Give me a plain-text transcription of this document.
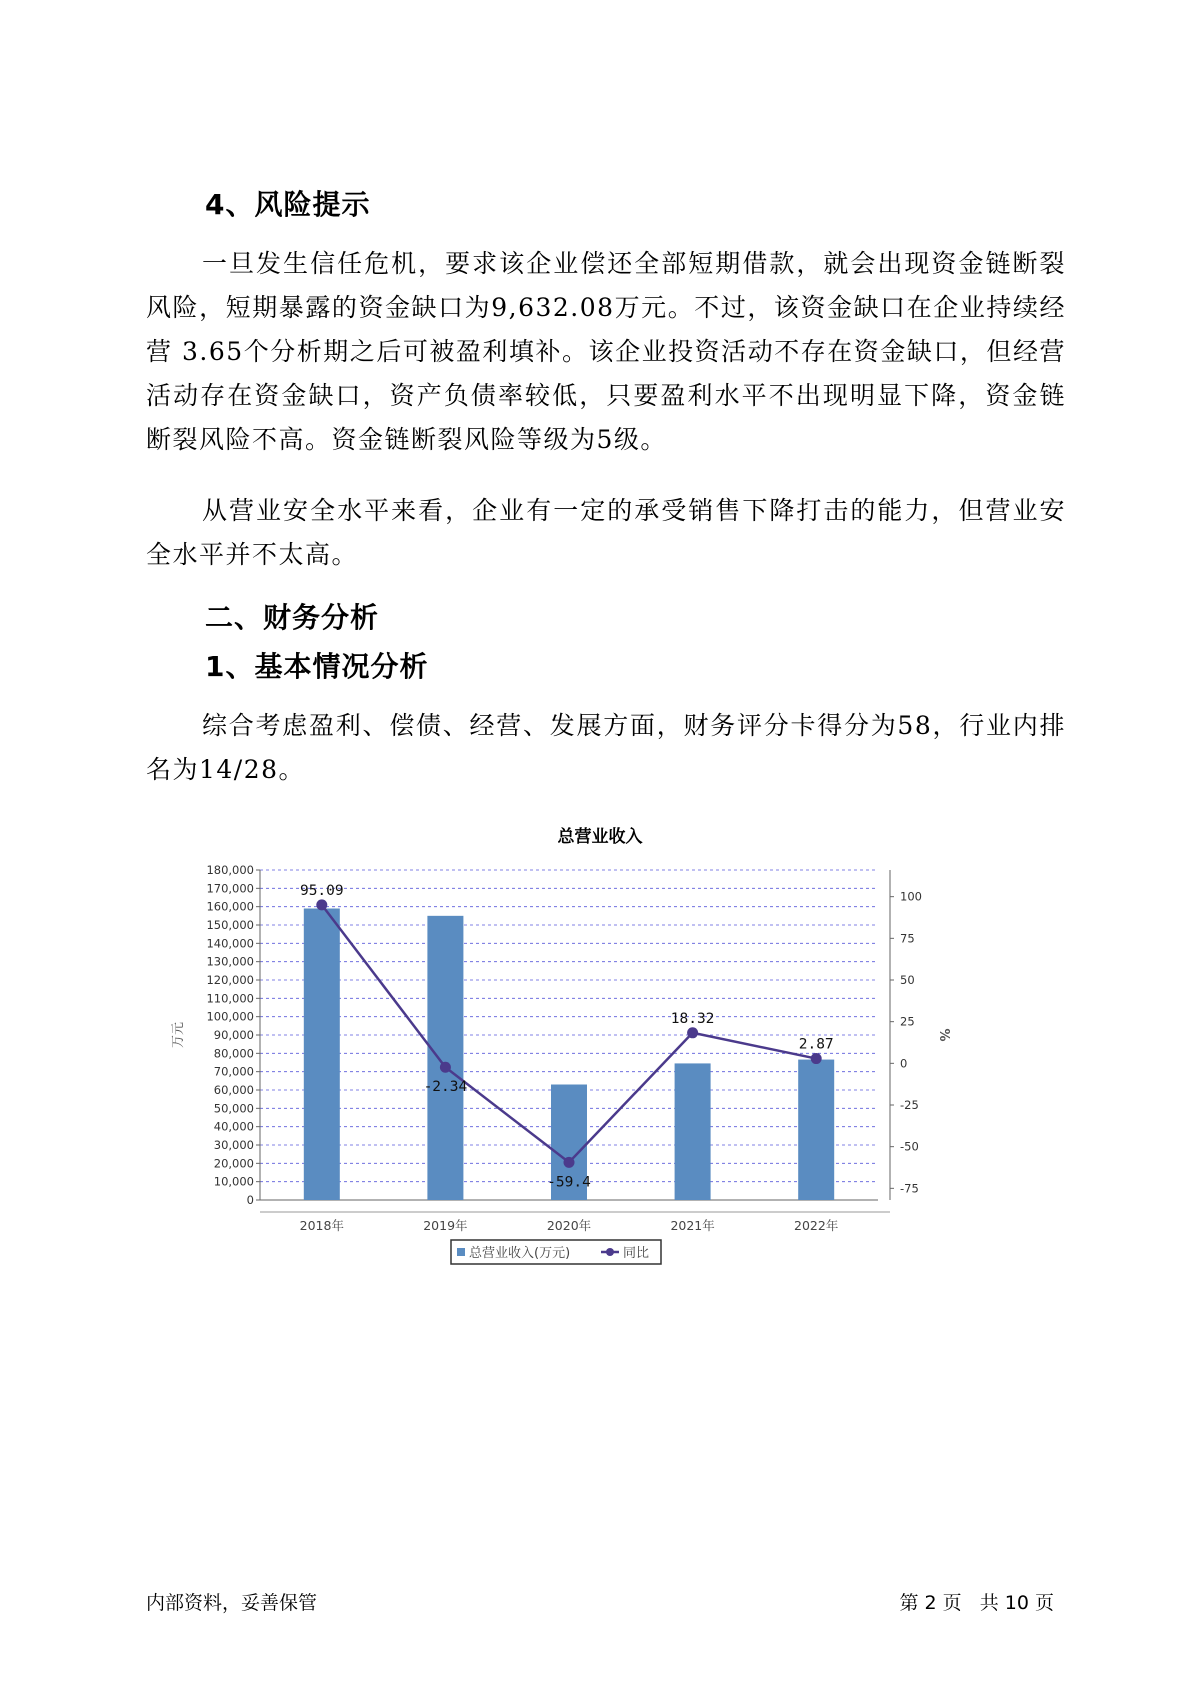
4、风险提示

一旦发生信任危机，要求该企业偿还全部短期借款，就会出现资金链断裂风险，短期暴露的资金缺口为9,632.08万元。不过，该资金缺口在企业持续经营 3.65个分析期之后可被盈利填补。该企业投资活动不存在资金缺口，但经营活动存在资金缺口，资产负债率较低，只要盈利水平不出现明显下降，资金链断裂风险不高。资金链断裂风险等级为5级。

从营业安全水平来看，企业有一定的承受销售下降打击的能力，但营业安全水平并不太高。

二、财务分析
1、基本情况分析

综合考虑盈利、偿债、经营、发展方面，财务评分卡得分为58，行业内排名为14/28。

总营业收入
0
10,000
20,000
30,000
40,000
50,000
60,000
70,000
80,000
90,000
100,000
110,000
120,000
130,000
140,000
150,000
160,000
170,000
180,000
100
75
50
25
0
-25
-50
-75
万元	%
2018年	2019年	2020年	2021年	2022年
95.09
-2.34
-59.4
18.32
2.87
总营业收入(万元)	同比
内部资料，妥善保管	第 2 页   共 10 页
